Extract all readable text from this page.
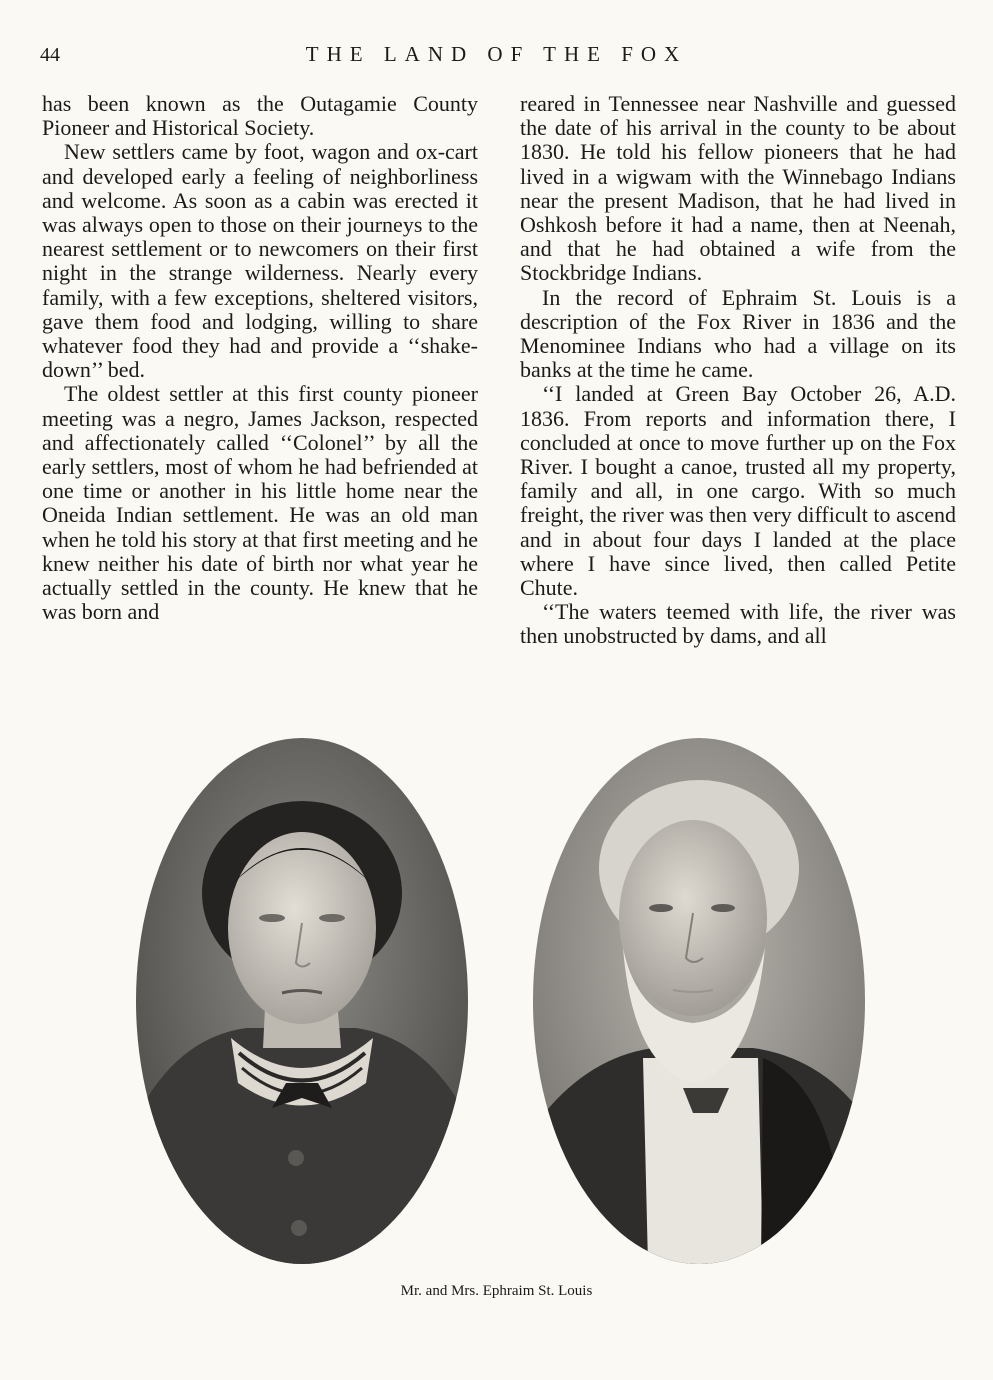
44	THE LAND OF THE FOX

has been known as the Outagamie County Pioneer and Historical Society.

New settlers came by foot, wagon and ox-cart and developed early a feeling of neighborliness and welcome. As soon as a cabin was erected it was always open to those on their journeys to the nearest settlement or to newcomers on their first night in the strange wilderness. Nearly every family, with a few exceptions, sheltered visitors, gave them food and lodging, willing to share whatever food they had and provide a ‘‘shake-down’’ bed.

The oldest settler at this first county pioneer meeting was a negro, James Jackson, respected and affectionately called ‘‘Colonel’’ by all the early settlers, most of whom he had befriended at one time or another in his little home near the Oneida Indian settlement. He was an old man when he told his story at that first meeting and he knew neither his date of birth nor what year he actually settled in the county. He knew that he was born and

reared in Tennessee near Nashville and guessed the date of his arrival in the county to be about 1830. He told his fellow pioneers that he had lived in a wigwam with the Winnebago Indians near the present Madison, that he had lived in Oshkosh before it had a name, then at Neenah, and that he had obtained a wife from the Stockbridge Indians.

In the record of Ephraim St. Louis is a description of the Fox River in 1836 and the Menominee Indians who had a village on its banks at the time he came.

‘‘I landed at Green Bay October 26, A.D. 1836. From reports and information there, I concluded at once to move further up on the Fox River. I bought a canoe, trusted all my property, family and all, in one cargo. With so much freight, the river was then very difficult to ascend and in about four days I landed at the place where I have since lived, then called Petite Chute.

‘‘The waters teemed with life, the river was then unobstructed by dams, and all

Mr. and Mrs. Ephraim St. Louis
